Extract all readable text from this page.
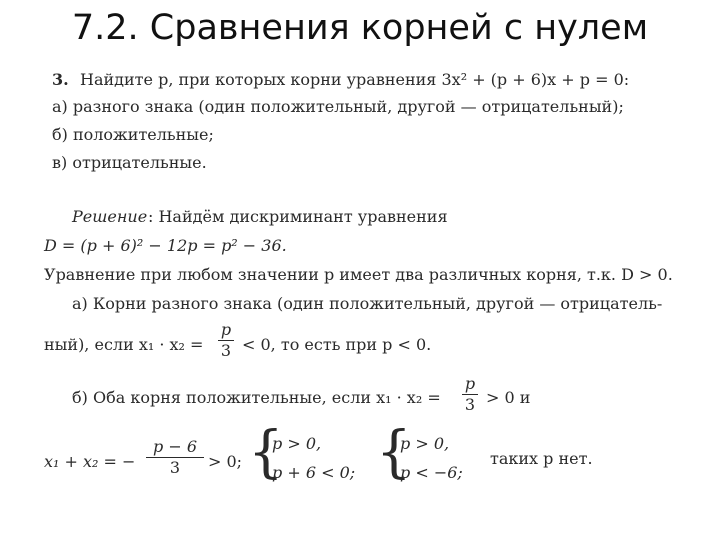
7.2. Сравнения корней с нулем
3. Найдите p, при которых корни уравнения 3x² + (p + 6)x + p = 0:
а) разного знака (один положительный, другой — отрицательный);
б) положительные;
в) отрицательные.
Решение : Найдём дискриминант уравнения
D = (p + 6)² − 12p = p² − 36.
Уравнение при любом значении p имеет два различных корня, т.к. D > 0.
а) Корни разного знака (один положительный, другой — отрицатель-
ный), если x₁ · x₂ =
p
3 < 0, то есть при p < 0.
б) Оба корня положительные, если x₁ · x₂ =
p
3 > 0 и
x₁ + x₂ = −
p − 6
3	> 0; {
p > 0,
p + 6 < 0; {
p > 0,
p < −6;
таких p нет.
